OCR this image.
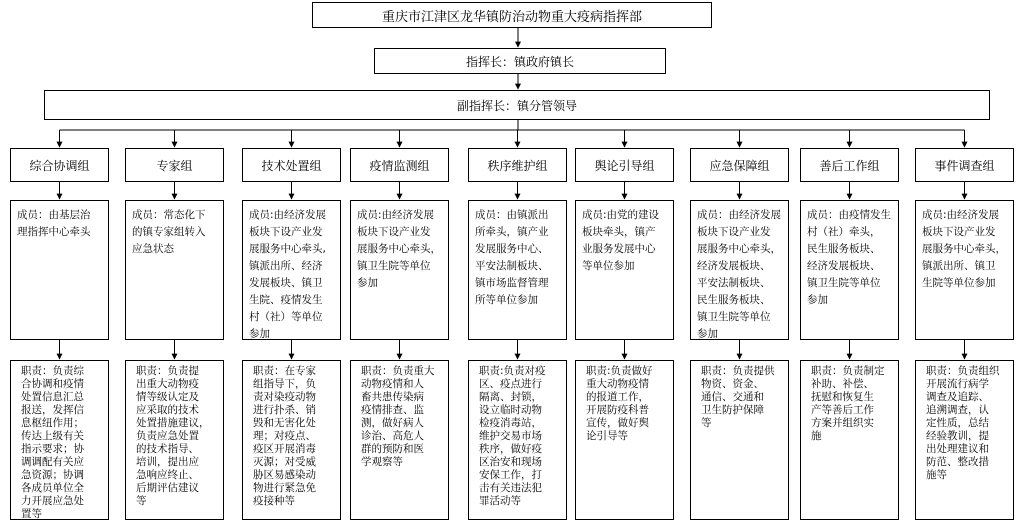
重庆市江津区龙华镇防治动物重大疫病指挥部
指挥长：镇政府镇长
副指挥长：镇分管领导
综合协调组
成员：由基层治
理指挥中心牵头
职责：负责综
合协调和疫情
处置信息汇总
报送，发挥信
息枢纽作用；
传达上级有关
指示要求；协
调调配有关应
急资源；协调
各成员单位全
力开展应急处
置等
专家组
成员：常态化下
的镇专家组转入
应急状态
职责：负责提
出重大动物疫
情等级认定及
应采取的技术
处置措施建议，
负责应急处置
的技术指导、
培训，提出应
急响应终止、
后期评估建议
等
技术处置组
成员:由经济发展
板块下设产业发
展服务中心牵头,
镇派出所、经济
发展板块、镇卫
生院、疫情发生
村（社）等单位
参加
职责：在专家
组指导下，负
责对染疫动物
进行扑杀、销
毁和无害化处
理；对疫点、
疫区开展消毒
灭源；对受威
胁区易感染动
物进行紧急免
疫接种等
疫情监测组
成员:由经济发展
板块下设产业发
展服务中心牵头，
镇卫生院等单位
参加
职责：负责重大
动物疫情和人
畜共患传染病
疫情排查、监
测，做好病人
诊治、高危人
群的预防和医
学观察等
秩序维护组
成员：由镇派出
所牵头，镇产业
发展服务中心、
平安法制板块、
镇市场监督管理
所等单位参加
职责:负责对疫
区、疫点进行
隔离、封锁，
设立临时动物
检疫消毒站，
维护交易市场
秩序，做好疫
区治安和现场
安保工作，打
击有关违法犯
罪活动等
舆论引导组
成员:由党的建设
板块牵头，镇产
业服务发展中心
等单位参加
职责:负责做好
重大动物疫情
的报道工作，
开展防疫科普
宣传，做好舆
论引导等
应急保障组
成员：由经济发展
板块下设产业发
展服务中心牵头，
经济发展板块、
平安法制板块、
民生服务板块、
镇卫生院等单位
参加
职责：负责提供
物资、资金、
通信、交通和
卫生防护保障
等
善后工作组
成员：由疫情发生
村（社）牵头，
民生服务板块、
经济发展板块、
镇卫生院等单位
参加
职责：负责制定
补助、补偿、
抚慰和恢复生
产等善后工作
方案并组织实
施
事件调查组
成员:由经济发展
板块下设产业发
展服务中心牵头，
镇派出所、镇卫
生院等单位参加
职责：负责组织
开展流行病学
调查及追踪、
追溯调查，认
定性质，总结
经验教训，提
出处理建议和
防范、整改措
施等
